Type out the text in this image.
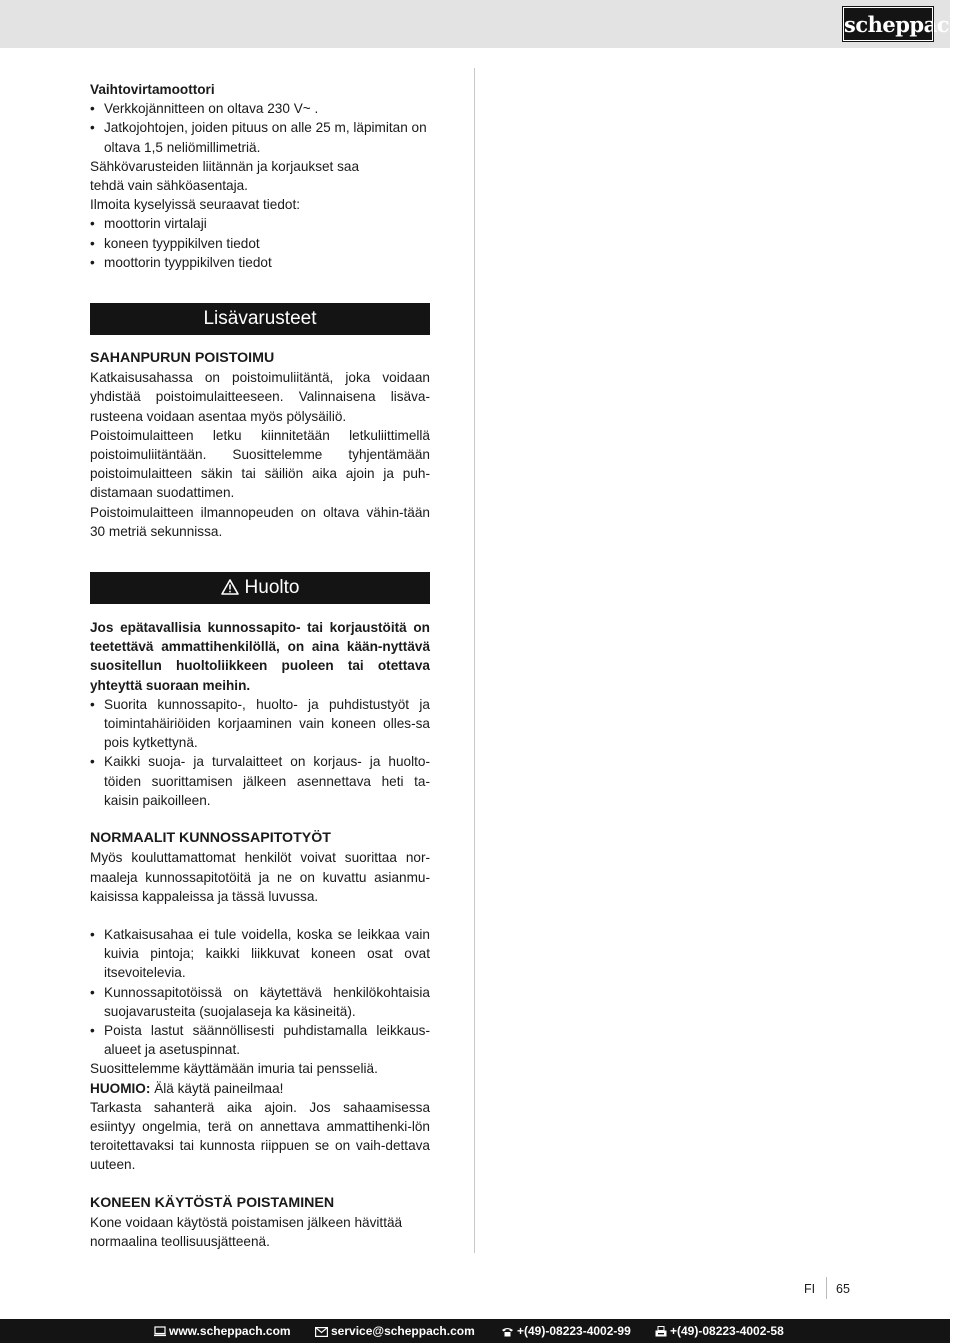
scheppach

Vaihtovirtamoottori

• Verkkojännitteen on oltava 230 V~ .
• Jatkojohtojen, joiden pituus on alle 25 m, läpimitan on oltava 1,5 neliömillimetriä.

Sähkövarusteiden liitännän ja korjaukset saa tehdä vain sähköasentaja.

Ilmoita kyselyissä seuraavat tiedot:

• moottorin virtalaji
• koneen tyyppikilven tiedot
• moottorin tyyppikilven tiedot
Lisävarusteet

SAHANPURUN POISTOIMU

Katkaisusahassa on poistoimuliitäntä, joka voidaan yhdistää poistoimulaitteeseen. Valinnaisena lisäva-rusteena voidaan asentaa myös pölysäiliö.

Poistoimulaitteen letku kiinnitetään letkuliittimellä poistoimuliitäntään. Suosittelemme tyhjentämään poistoimulaitteen säkin tai säiliön aika ajoin ja puh-distamaan suodattimen.

Poistoimulaitteen ilmannopeuden on oltava vähin-tään 30 metriä sekunnissa.

Huolto

Jos epätavallisia kunnossapito- tai korjaustöitä on teetettävä ammattihenkilöllä, on aina kään-nyttävä suositellun huoltoliikkeen puoleen tai otettava yhteyttä suoraan meihin.

• Suorita kunnossapito-, huolto- ja puhdistustyöt ja toimintahäiriöiden korjaaminen vain koneen olles-sa pois kytkettynä.
• Kaikki suoja- ja turvalaitteet on korjaus- ja huolto-töiden suorittamisen jälkeen asennettava heti ta-kaisin paikoilleen.

NORMAALIT KUNNOSSAPITOTYÖT

Myös kouluttamattomat henkilöt voivat suorittaa nor-maaleja kunnossapitotöitä ja ne on kuvattu asianmu-kaisissa kappaleissa ja tässä luvussa.

• Katkaisusahaa ei tule voidella, koska se leikkaa vain kuivia pintoja; kaikki liikkuvat koneen osat ovat itsevoitelevia.
• Kunnossapitotöissä on käytettävä henkilökohtaisia suojavarusteita (suojalaseja ka käsineitä).
• Poista lastut säännöllisesti puhdistamalla leikkaus-alueet ja asetuspinnat.

Suosittelemme käyttämään imuria tai pensseliä.

HUOMIO: Älä käytä paineilmaa!

Tarkasta sahanterä aika ajoin. Jos sahaamisessa esiintyy ongelmia, terä on annettava ammattihenki-lön teroitettavaksi tai kunnosta riippuen se on vaih-dettava uuteen.

KONEEN KÄYTÖSTÄ POISTAMINEN

Kone voidaan käytöstä poistamisen jälkeen hävittää normaalina teollisuusjätteenä.

FI 65
www.scheppach.com	service@scheppach.com	+(49)-08223-4002-99	+(49)-08223-4002-58
